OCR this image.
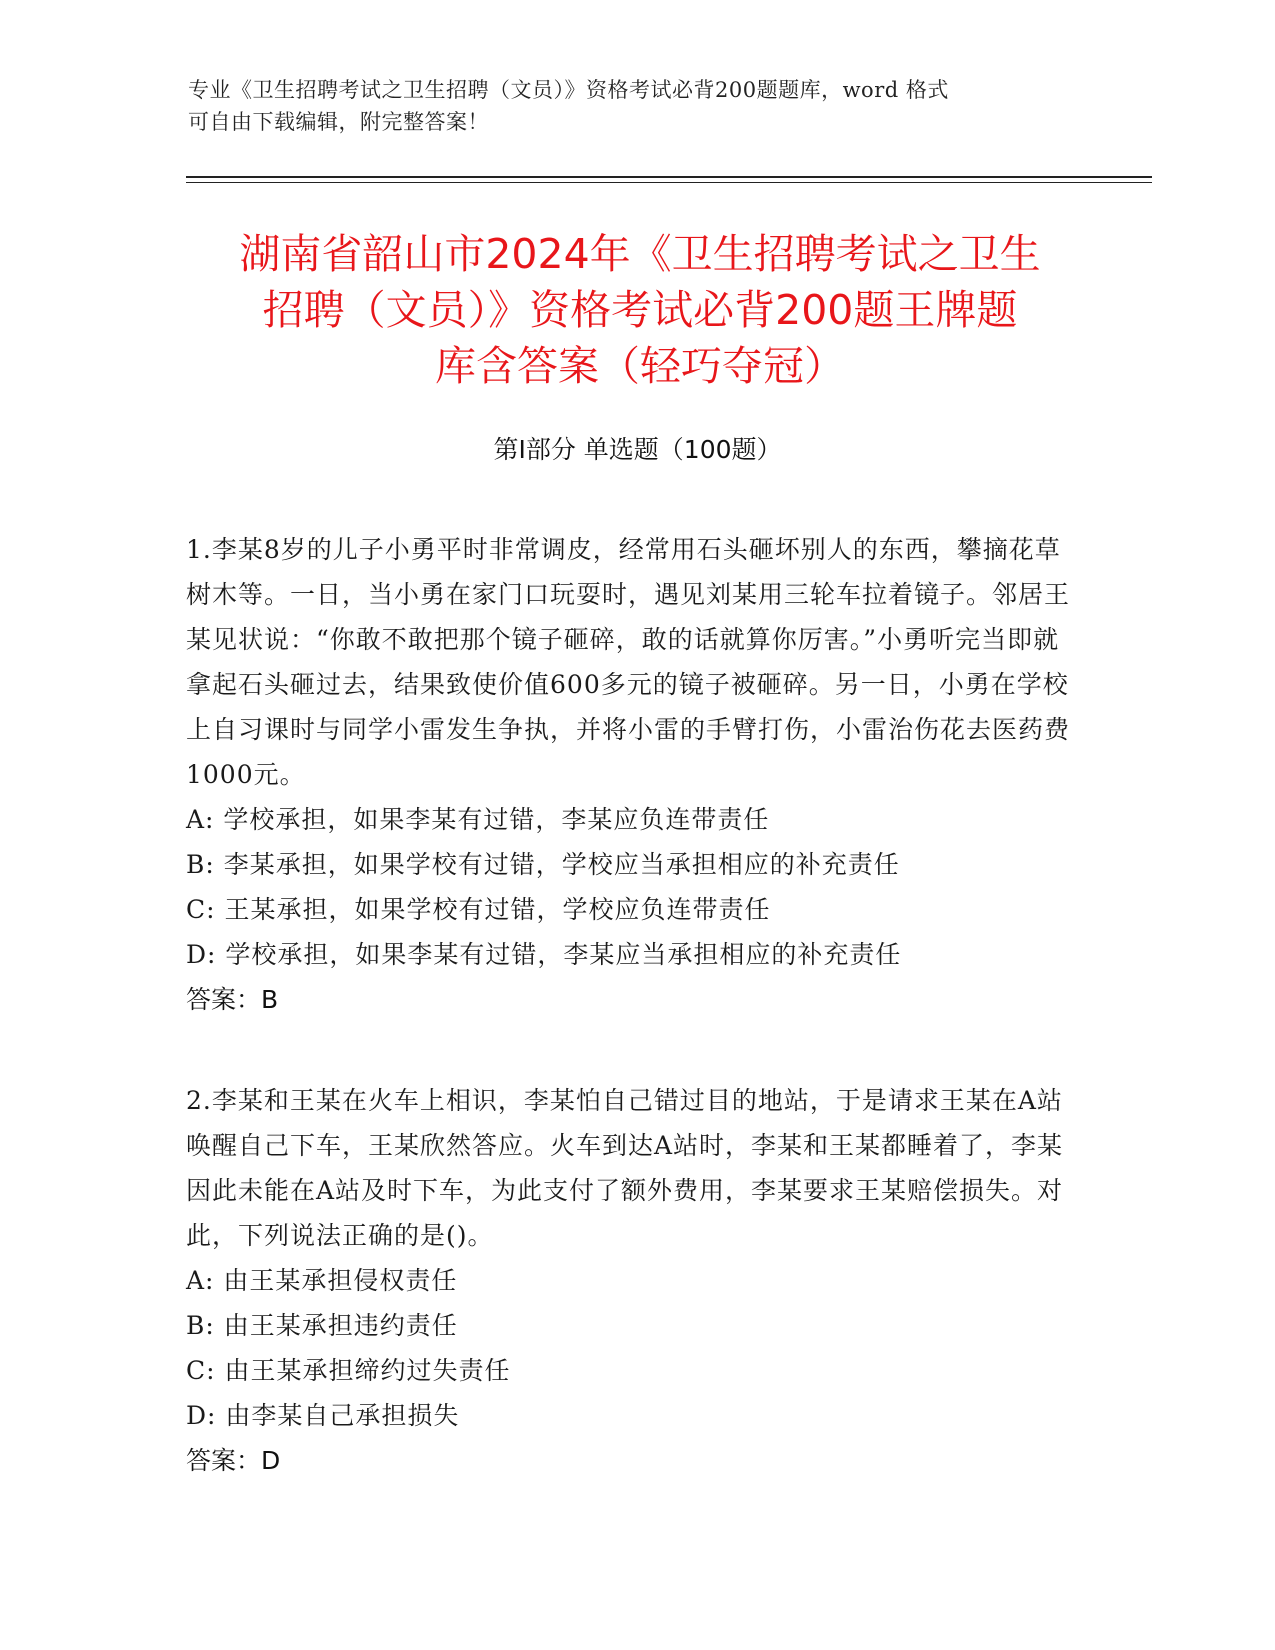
专业《卫生招聘考试之卫生招聘（文员）》资格考试必背200题题库，word 格式
可自由下载编辑，附完整答案！
湖南省韶山市2024年《卫生招聘考试之卫生
招聘（文员）》资格考试必背200题王牌题
库含答案（轻巧夺冠）
第Ⅰ部分 单选题（100题）

1.李某8岁的儿子小勇平时非常调皮，经常用石头砸坏别人的东西，攀摘花草树木等。一日，当小勇在家门口玩耍时，遇见刘某用三轮车拉着镜子。邻居王某见状说：“你敢不敢把那个镜子砸碎，敢的话就算你厉害。”小勇听完当即就拿起石头砸过去，结果致使价值600多元的镜子被砸碎。另一日，小勇在学校上自习课时与同学小雷发生争执，并将小雷的手臂打伤，小雷治伤花去医药费1000元。

A: 学校承担，如果李某有过错，李某应负连带责任

B: 李某承担，如果学校有过错，学校应当承担相应的补充责任

C: 王某承担，如果学校有过错，学校应负连带责任

D: 学校承担，如果李某有过错，李某应当承担相应的补充责任

答案：B

2.李某和王某在火车上相识，李某怕自己错过目的地站，于是请求王某在A站唤醒自己下车，王某欣然答应。火车到达A站时，李某和王某都睡着了，李某因此未能在A站及时下车，为此支付了额外费用，李某要求王某赔偿损失。对此，下列说法正确的是()。

A: 由王某承担侵权责任

B: 由王某承担违约责任

C: 由王某承担缔约过失责任

D: 由李某自己承担损失

答案：D
